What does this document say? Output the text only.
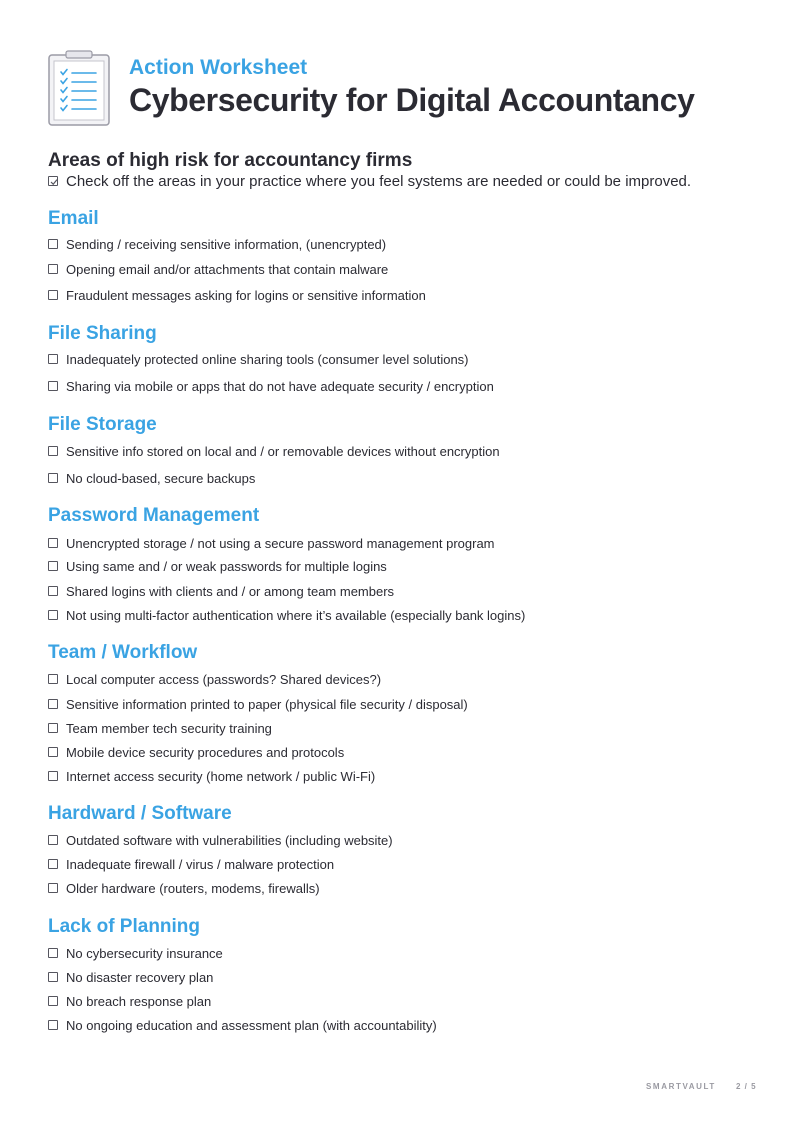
Action Worksheet
Cybersecurity for Digital Accountancy
Areas of high risk for accountancy firms
Check off the areas in your practice where you feel systems are needed or could be improved.
Email
Sending / receiving sensitive information, (unencrypted)
Opening email and/or attachments that contain malware
Fraudulent messages asking for logins or sensitive information
File Sharing
Inadequately protected online sharing tools (consumer level solutions)
Sharing via mobile or apps that do not have adequate security / encryption
File Storage
Sensitive info stored on local and / or removable devices without encryption
No cloud-based, secure backups
Password Management
Unencrypted storage / not using a secure password management program
Using same and / or weak passwords for multiple logins
Shared logins with clients and / or among team members
Not using multi-factor authentication where it’s available (especially bank logins)
Team / Workflow
Local computer access (passwords? Shared devices?)
Sensitive information printed to paper (physical file security / disposal)
Team member tech security training
Mobile device security procedures and protocols
Internet access security (home network / public Wi-Fi)
Hardward / Software
Outdated software with vulnerabilities (including website)
Inadequate firewall / virus / malware protection
Older hardware (routers, modems, firewalls)
Lack of Planning
No cybersecurity insurance
No disaster recovery plan
No breach response plan
No ongoing education and assessment plan (with accountability)
SMARTVAULT	2 / 5
